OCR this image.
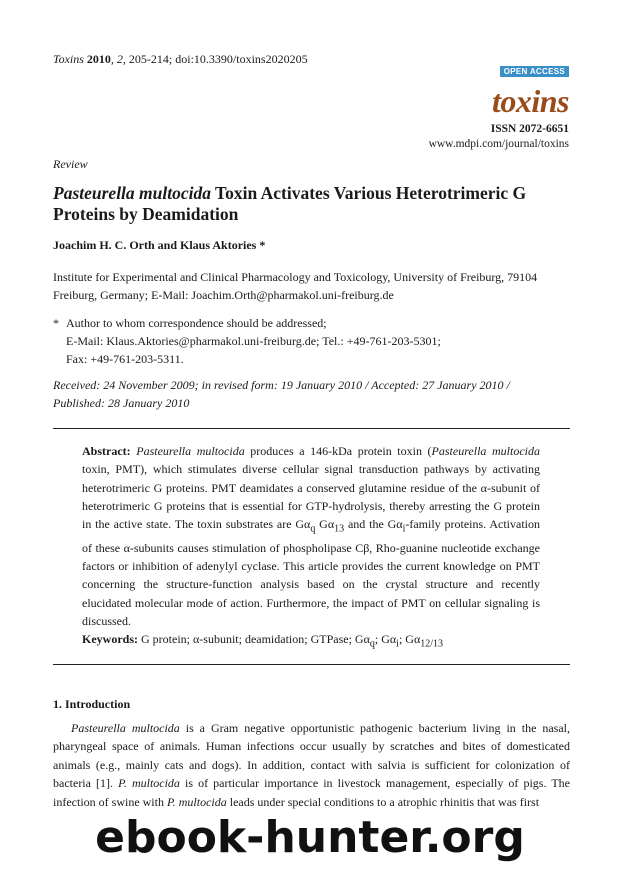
Toxins 2010, 2, 205-214; doi:10.3390/toxins2020205
OPEN ACCESS
toxins
ISSN 2072-6651
www.mdpi.com/journal/toxins
Review
Pasteurella multocida Toxin Activates Various Heterotrimeric G Proteins by Deamidation
Joachim H. C. Orth and Klaus Aktories *
Institute for Experimental and Clinical Pharmacology and Toxicology, University of Freiburg, 79104
Freiburg, Germany; E-Mail: Joachim.Orth@pharmakol.uni-freiburg.de
* Author to whom correspondence should be addressed;
E-Mail: Klaus.Aktories@pharmakol.uni-freiburg.de; Tel.: +49-761-203-5301;
Fax: +49-761-203-5311.
Received: 24 November 2009; in revised form: 19 January 2010 / Accepted: 27 January 2010 /
Published: 28 January 2010
Abstract: Pasteurella multocida produces a 146-kDa protein toxin (Pasteurella multocida toxin, PMT), which stimulates diverse cellular signal transduction pathways by activating heterotrimeric G proteins. PMT deamidates a conserved glutamine residue of the α-subunit of heterotrimeric G proteins that is essential for GTP-hydrolysis, thereby arresting the G protein in the active state. The toxin substrates are $G\alpha_q$ $G\alpha_{13}$ and the $G\alpha_i$-family proteins. Activation of these α-subunits causes stimulation of phospholipase Cβ, Rho-guanine nucleotide exchange factors or inhibition of adenylyl cyclase. This article provides the current knowledge on PMT concerning the structure-function analysis based on the crystal structure and recently elucidated molecular mode of action. Furthermore, the impact of PMT on cellular signaling is discussed.
Keywords: G protein; α-subunit; deamidation; GTPase; $G\alpha_q$; $G\alpha_i$; $G\alpha_{12/13}$
1. Introduction

Pasteurella multocida is a Gram negative opportunistic pathogenic bacterium living in the nasal, pharyngeal space of animals. Human infections occur usually by scratches and bites of domesticated animals (e.g., mainly cats and dogs). In addition, contact with salvia is sufficient for colonization of bacteria [1]. P. multocida is of particular importance in livestock management, especially of pigs. The infection of swine with P. multocida leads under special conditions to a atrophic rhinitis that was first

ebook-hunter.org
